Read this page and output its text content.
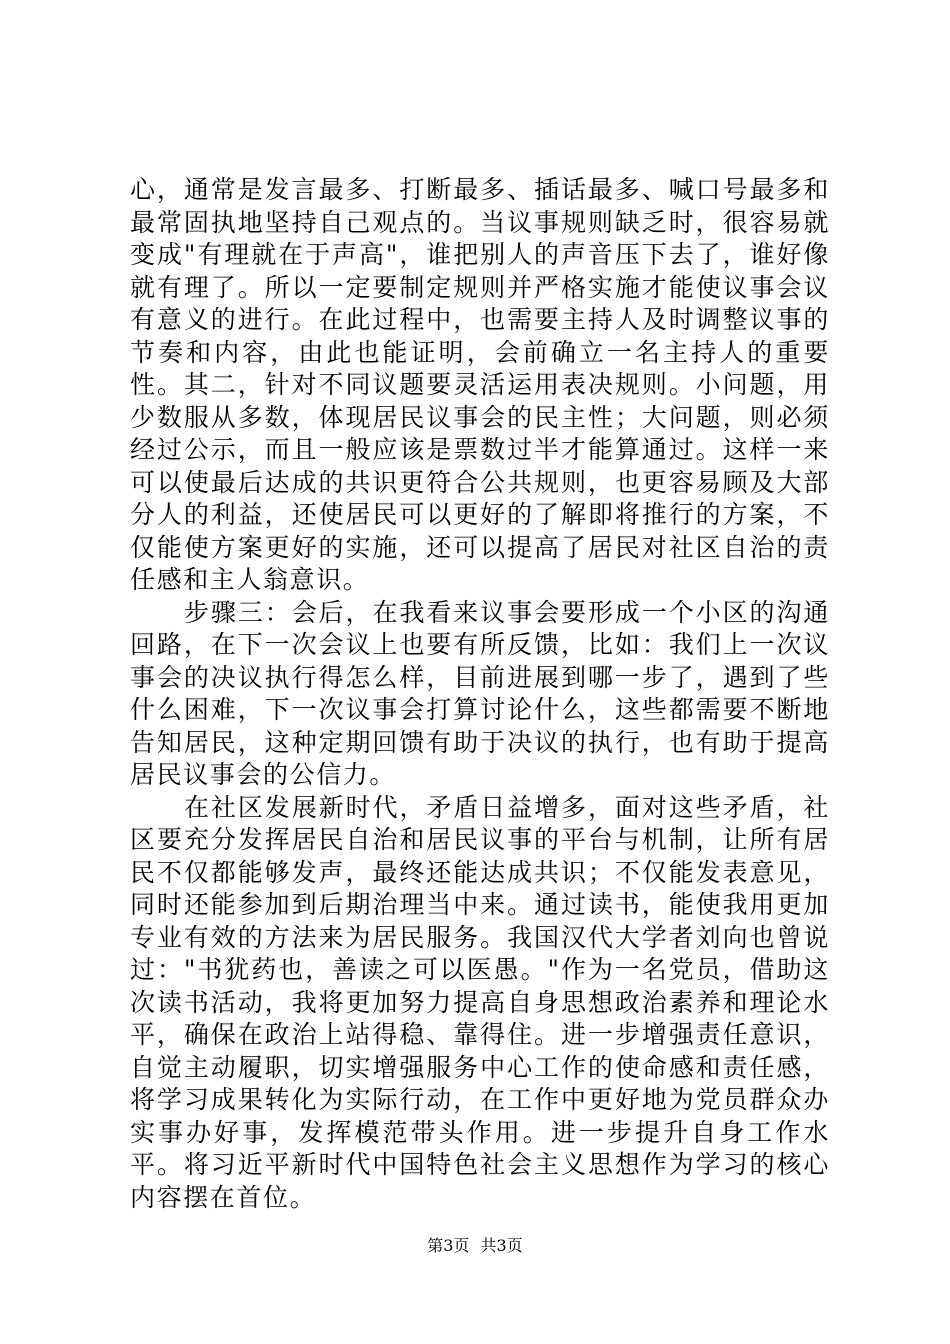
心，通常是发言最多、打断最多、插话最多、喊口号最多和最常固执地坚持自己观点的。当议事规则缺乏时，很容易就变成"有理就在于声高"，谁把别人的声音压下去了，谁好像就有理了。所以一定要制定规则并严格实施才能使议事会议有意义的进行。在此过程中，也需要主持人及时调整议事的节奏和内容，由此也能证明，会前确立一名主持人的重要性。其二，针对不同议题要灵活运用表决规则。小问题，用少数服从多数，体现居民议事会的民主性；大问题，则必须经过公示，而且一般应该是票数过半才能算通过。这样一来可以使最后达成的共识更符合公共规则，也更容易顾及大部分人的利益，还使居民可以更好的了解即将推行的方案，不仅能使方案更好的实施，还可以提高了居民对社区自治的责任感和主人翁意识。

步骤三：会后，在我看来议事会要形成一个小区的沟通回路，在下一次会议上也要有所反馈，比如：我们上一次议事会的决议执行得怎么样，目前进展到哪一步了，遇到了些什么困难，下一次议事会打算讨论什么，这些都需要不断地告知居民，这种定期回馈有助于决议的执行，也有助于提高居民议事会的公信力。

在社区发展新时代，矛盾日益增多，面对这些矛盾，社区要充分发挥居民自治和居民议事的平台与机制，让所有居民不仅都能够发声，最终还能达成共识；不仅能发表意见，同时还能参加到后期治理当中来。通过读书，能使我用更加专业有效的方法来为居民服务。我国汉代大学者刘向也曾说过："书犹药也，善读之可以医愚。"作为一名党员，借助这次读书活动，我将更加努力提高自身思想政治素养和理论水平，确保在政治上站得稳、靠得住。进一步增强责任意识，自觉主动履职，切实增强服务中心工作的使命感和责任感，将学习成果转化为实际行动，在工作中更好地为党员群众办实事办好事，发挥模范带头作用。进一步提升自身工作水平。将习近平新时代中国特色社会主义思想作为学习的核心内容摆在首位。

第3页 共3页
